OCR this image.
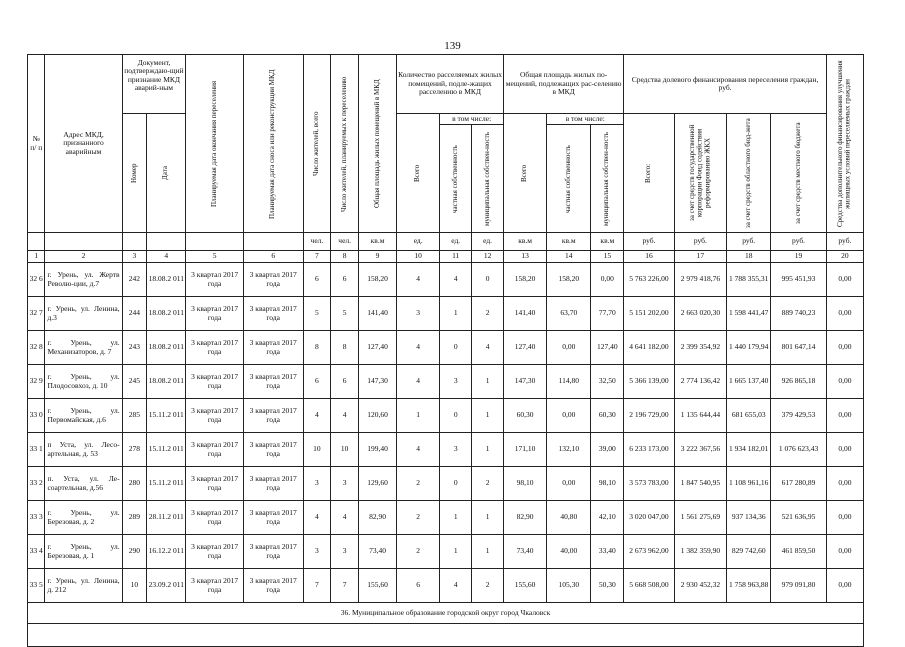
139
№ п/ п	Адрес МКД, признанного аварийным	Документ, подтверждаю-щий признание МКД аварий-ным		Планируемая дата окончания переселения	Планируемая дата сноса или реконструкции МКД	Число жителей, всего	Число жителей, планируемых к переселению	Общая площадь жилых помещений в МКД	Количество расселяемых жилых помещений, подле-жащих расселению в МКД			Общая площадь жилых по-мещений, подлежащих рас-селению в МКД			Средства долевого финансирования переселения граждан, руб.				Средства дополнительного финансирования улучшения жилищных условий переселяемых граждан

		Номер	Дата						Всего	в том числе:		Всего	в том числе:		Всего:	за счет средств государственной корпорации Фонд содействия реформированию ЖКХ	за счет средств областного бюд-жета	за счет средств местного бюджета	

										частная собственность	муниципальная собствен-ность		частная собственность	муниципальная собствен-ность					

						чел.	чел.	кв.м	ед.	ед.	ед.	кв.м	кв.м	кв.м	руб.	руб.	руб.	руб.	руб.
1	2	3	4	5	6	7	8	9	10	11	12	13	14	15	16	17	18	19	20
32 6	г. Урень, ул. Жертв Револю-ции, д.7	242	18.08.2 011	3 квартал 2017 года	3 квартал 2017 года	6	6	158,20	4	4	0	158,20	158,20	0,00	5 763 226,00	2 979 418,76	1 788 355,31	995 451,93	0,00
32 7	г. Урень, ул. Ленина, д.3	244	18.08.2 011	3 квартал 2017 года	3 квартал 2017 года	5	5	141,40	3	1	2	141,40	63,70	77,70	5 151 202,00	2 663 020,30	1 598 441,47	889 740,23	0,00
32 8	г. Урень, ул. Механизаторов, д. 7	243	18.08.2 011	3 квартал 2017 года	3 квартал 2017 года	8	8	127,40	4	0	4	127,40	0,00	127,40	4 641 182,00	2 399 354,92	1 440 179,94	801 647,14	0,00
32 9	г. Урень, ул. Плодосовхоз, д. 10	245	18.08.2 011	3 квартал 2017 года	3 квартал 2017 года	6	6	147,30	4	3	1	147,30	114,80	32,50	5 366 139,00	2 774 136,42	1 665 137,40	926 865,18	0,00
33 0	г. Урень, ул. Первомайская, д.6	285	15.11.2 011	3 квартал 2017 года	3 квартал 2017 года	4	4	120,60	1	0	1	60,30	0,00	60,30	2 196 729,00	1 135 644,44	681 655,03	379 429,53	0,00
33 1	п Уста, ул. Лесо-артельная, д. 53	278	15.11.2 011	3 квартал 2017 года	3 квартал 2017 года	10	10	199,40	4	3	1	171,10	132,10	39,00	6 233 173,00	3 222 367,56	1 934 182,01	1 076 623,43	0,00
33 2	п. Уста, ул. Ле-соартельная, д.56	280	15.11.2 011	3 квартал 2017 года	3 квартал 2017 года	3	3	129,60	2	0	2	98,10	0,00	98,10	3 573 783,00	1 847 540,95	1 108 961,16	617 280,89	0,00
33 3	г. Урень, ул. Березовая, д. 2	289	28.11.2 011	3 квартал 2017 года	3 квартал 2017 года	4	4	82,90	2	1	1	82,90	40,80	42,10	3 020 047,00	1 561 275,69	937 134,36	521 636,95	0,00
33 4	г. Урень, ул. Березовая, д. 1	290	16.12.2 011	3 квартал 2017 года	3 квартал 2017 года	3	3	73,40	2	1	1	73,40	40,00	33,40	2 673 962,00	1 382 359,90	829 742,60	461 859,50	0,00
33 5	г. Урень, ул. Ленина, д. 212	10	23.09.2 011	3 квартал 2017 года	3 квартал 2017 года	7	7	155,60	6	4	2	155,60	105,30	50,30	5 668 508,00	2 930 452,32	1 758 963,88	979 091,80	0,00
36. Муниципальное образование городской округ город Чкаловск																			
